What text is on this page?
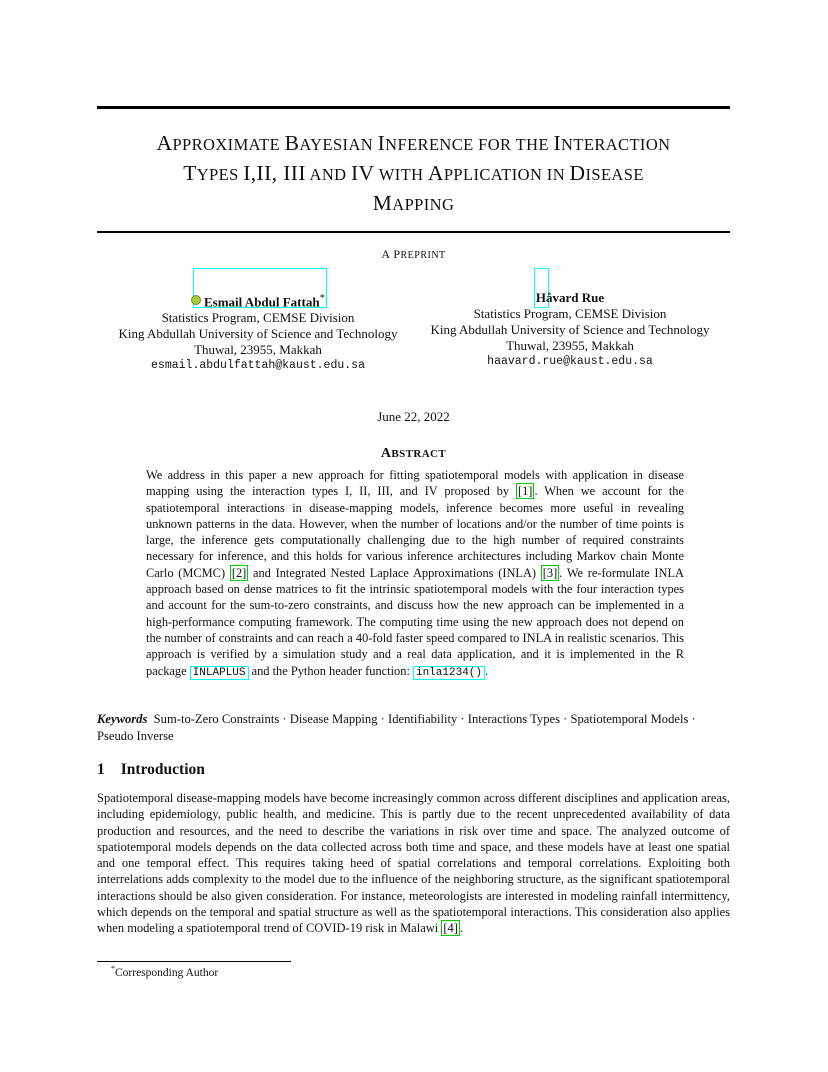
APPROXIMATE BAYESIAN INFERENCE FOR THE INTERACTION
TYPES I,II, III AND IV WITH APPLICATION IN DISEASE
MAPPING
A PREPRINT
Esmail Abdul Fattah*
Statistics Program, CEMSE Division
King Abdullah University of Science and Technology
Thuwal, 23955, Makkah
esmail.abdulfattah@kaust.edu.sa
Håvard Rue
Statistics Program, CEMSE Division
King Abdullah University of Science and Technology
Thuwal, 23955, Makkah
haavard.rue@kaust.edu.sa
June 22, 2022
ABSTRACT
We address in this paper a new approach for fitting spatiotemporal models with application in disease mapping using the interaction types I, II, III, and IV proposed by [1] . When we account for the spatiotemporal interactions in disease-mapping models, inference becomes more useful in revealing unknown patterns in the data. However, when the number of locations and/or the number of time points is large, the inference gets computationally challenging due to the high number of required constraints necessary for inference, and this holds for various inference architectures including Markov chain Monte Carlo (MCMC) [2] and Integrated Nested Laplace Approximations (INLA) [3] . We re-formulate INLA approach based on dense matrices to fit the intrinsic spatiotemporal models with the four interaction types and account for the sum-to-zero constraints, and discuss how the new approach can be implemented in a high-performance computing framework. The computing time using the new approach does not depend on the number of constraints and can reach a 40-fold faster speed compared to INLA in realistic scenarios. This approach is verified by a simulation study and a real data application, and it is implemented in the R package INLAPLUS and the Python header function: inla1234() .
Keywords Sum-to-Zero Constraints · Disease Mapping · Identifiability · Interactions Types · Spatiotemporal Models · Pseudo Inverse
1 Introduction
Spatiotemporal disease-mapping models have become increasingly common across different disciplines and application areas, including epidemiology, public health, and medicine. This is partly due to the recent unprecedented availability of data production and resources, and the need to describe the variations in risk over time and space. The analyzed outcome of spatiotemporal models depends on the data collected across both time and space, and these models have at least one spatial and one temporal effect. This requires taking heed of spatial correlations and temporal correlations. Exploiting both interrelations adds complexity to the model due to the influence of the neighboring structure, as the significant spatiotemporal interactions should be also given consideration. For instance, meteorologists are interested in modeling rainfall intermittency, which depends on the temporal and spatial structure as well as the spatiotemporal interactions. This consideration also applies when modeling a spatiotemporal trend of COVID-19 risk in Malawi [4] .
*Corresponding Author
